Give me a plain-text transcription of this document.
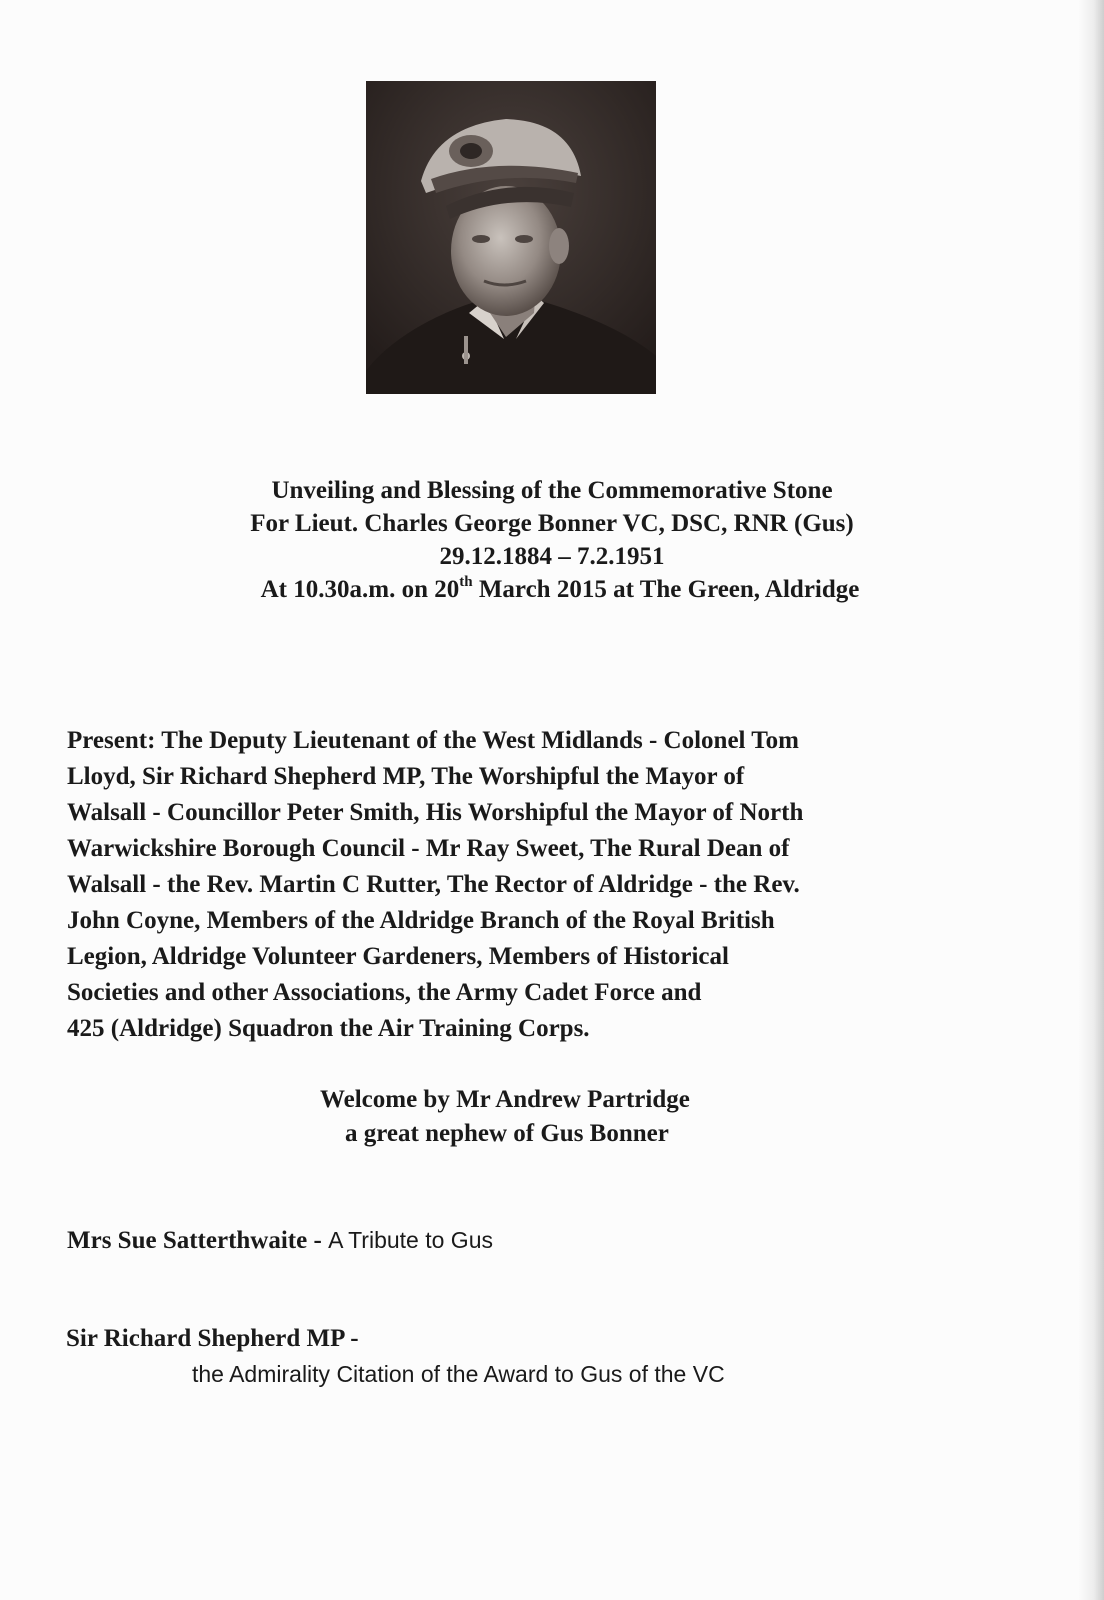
Unveiling and Blessing of the Commemorative Stone
For Lieut. Charles George Bonner VC, DSC, RNR (Gus)
29.12.1884 – 7.2.1951
At 10.30a.m. on 20th March 2015 at The Green, Aldridge
Present: The Deputy Lieutenant of the West Midlands - Colonel Tom
Lloyd, Sir Richard Shepherd MP, The Worshipful the Mayor of
Walsall - Councillor Peter Smith, His Worshipful the Mayor of North
Warwickshire Borough Council - Mr Ray Sweet, The Rural Dean of
Walsall - the Rev. Martin C Rutter, The Rector of Aldridge - the Rev.
John Coyne, Members of the Aldridge Branch of the Royal British
Legion, Aldridge Volunteer Gardeners, Members of Historical
Societies and other Associations, the Army Cadet Force and
425 (Aldridge) Squadron the Air Training Corps.
Welcome by Mr Andrew Partridge
a great nephew of Gus Bonner
Mrs Sue Satterthwaite - A Tribute to Gus
Sir Richard Shepherd MP -
the Admirality Citation of the Award to Gus of the VC
